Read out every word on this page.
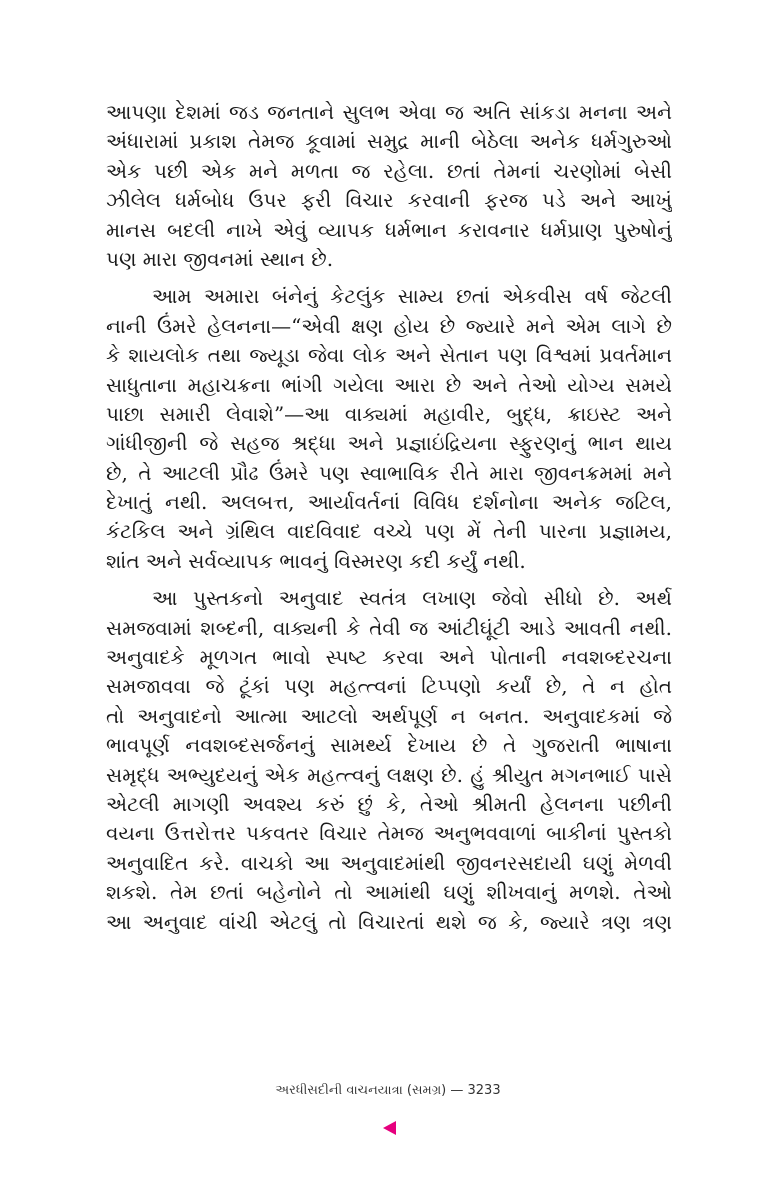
આપણા દેશમાં જડ જનતાને સુલભ એવા જ અતિ સાંકડા મનના અને
અંધારામાં પ્રકાશ તેમજ કૂવામાં સમુદ્ર માની બેઠેલા અનેક ધર્મગુરુઓ
એક પછી એક મને મળતા જ રહેલા. છતાં તેમનાં ચરણોમાં બેસી
ઝીલેલ ધર્મબોધ ઉપર ફરી વિચાર કરવાની ફરજ પડે અને આખું
માનસ બદલી નાખે એવું વ્યાપક ધર્મભાન કરાવનાર ધર્મપ્રાણ પુરુષોનું
પણ મારા જીવનમાં સ્થાન છે.
આમ અમારા બંનેનું કેટલુંક સામ્ય છતાં એકવીસ વર્ષ જેટલી
નાની ઉંમરે હેલનના—“એવી ક્ષણ હોય છે જ્યારે મને એમ લાગે છે
કે શાયલોક તથા જ્યૂડા જેવા લોક અને સેતાન પણ વિશ્વમાં પ્રવર્તમાન
સાધુતાના મહાચક્રના ભાંગી ગયેલા આરા છે અને તેઓ યોગ્ય સમયે
પાછા સમારી લેવાશે”—આ વાક્યમાં મહાવીર, બુદ્ધ, ક્રાઇસ્ટ અને
ગાંધીજીની જે સહજ શ્રદ્ધા અને પ્રજ્ઞાઇંદ્રિયના સ્ફુરણનું ભાન થાય
છે, તે આટલી પ્રૌઢ ઉંમરે પણ સ્વાભાવિક રીતે મારા જીવનક્રમમાં મને
દેખાતું નથી. અલબત્ત, આર્યાવર્તનાં વિવિધ દર્શનોના અનેક જટિલ,
કંટકિલ અને ગ્રંથિલ વાદવિવાદ વચ્ચે પણ મેં તેની પારના પ્રજ્ઞામય,
શાંત અને સર્વવ્યાપક ભાવનું વિસ્મરણ કદી કર્યું નથી.
આ પુસ્તકનો અનુવાદ સ્વતંત્ર લખાણ જેવો સીધો છે. અર્થ
સમજવામાં શબ્દની, વાક્યની કે તેવી જ આંટીઘૂંટી આડે આવતી નથી.
અનુવાદકે મૂળગત ભાવો સ્પષ્ટ કરવા અને પોતાની નવશબ્દરચના
સમજાવવા જે ટૂંકાં પણ મહત્ત્વનાં ટિપ્પણો કર્યાં છે, તે ન હોત
તો અનુવાદનો આત્મા આટલો અર્થપૂર્ણ ન બનત. અનુવાદકમાં જે
ભાવપૂર્ણ નવશબ્દસર્જનનું સામર્થ્ય દેખાય છે તે ગુજરાતી ભાષાના
સમૃદ્ધ અભ્યુદયનું એક મહત્ત્વનું લક્ષણ છે. હું શ્રીયુત મગનભાઈ પાસે
એટલી માગણી અવશ્ય કરું છું કે, તેઓ શ્રીમતી હેલનના પછીની
વયના ઉત્તરોત્તર પકવતર વિચાર તેમજ અનુભવવાળાં બાકીનાં પુસ્તકો
અનુવાદિત કરે. વાચકો આ અનુવાદમાંથી જીવનરસદાયી ઘણું મેળવી
શકશે. તેમ છતાં બહેનોને તો આમાંથી ઘણું શીખવાનું મળશે. તેઓ
આ અનુવાદ વાંચી એટલું તો વિચારતાં થશે જ કે, જ્યારે ત્રણ ત્રણ
અરધીસદીની વાચનયાત્રા (સમગ્ર) — 3233
